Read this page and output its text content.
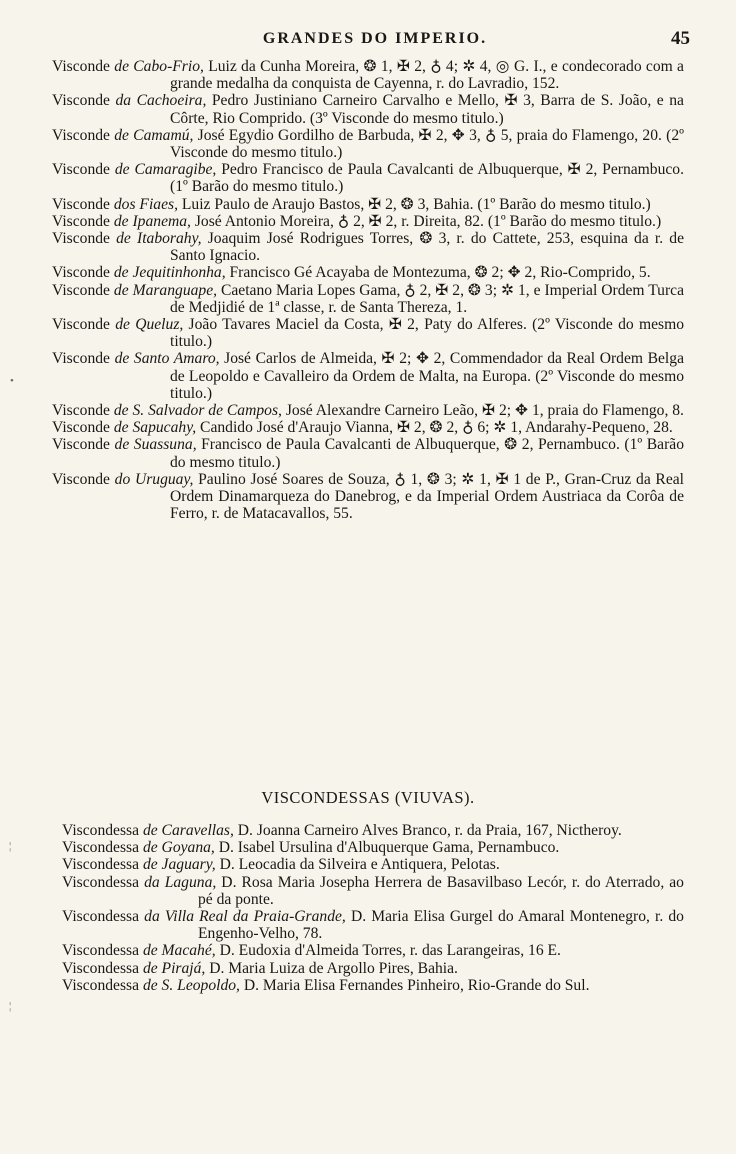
GRANDES DO IMPERIO.	45

Visconde de Cabo-Frio, Luiz da Cunha Moreira, ❂ 1, ✠ 2, ♁ 4; ✲ 4, ◎ G. I., e condecorado com a grande medalha da conquista de Cayenna, r. do Lavradio, 152.

Visconde da Cachoeira, Pedro Justiniano Carneiro Carvalho e Mello, ✠ 3, Barra de S. João, e na Côrte, Rio Comprido. (3º Visconde do mesmo titulo.)

Visconde de Camamú, José Egydio Gordilho de Barbuda, ✠ 2, ✥ 3, ♁ 5, praia do Flamengo, 20. (2º Visconde do mesmo titulo.)

Visconde de Camaragibe, Pedro Francisco de Paula Cavalcanti de Albuquerque, ✠ 2, Pernambuco. (1º Barão do mesmo titulo.)

Visconde dos Fiaes, Luiz Paulo de Araujo Bastos, ✠ 2, ❂ 3, Bahia. (1º Barão do mesmo titulo.)

Visconde de Ipanema, José Antonio Moreira, ♁ 2, ✠ 2, r. Direita, 82. (1º Barão do mesmo titulo.)

Visconde de Itaborahy, Joaquim José Rodrigues Torres, ❂ 3, r. do Cattete, 253, esquina da r. de Santo Ignacio.

Visconde de Jequitinhonha, Francisco Gé Acayaba de Montezuma, ❂ 2; ✥ 2, Rio-Comprido, 5.

Visconde de Maranguape, Caetano Maria Lopes Gama, ♁ 2, ✠ 2, ❂ 3; ✲ 1, e Imperial Ordem Turca de Medjidié de 1ª classe, r. de Santa Thereza, 1.

Visconde de Queluz, João Tavares Maciel da Costa, ✠ 2, Paty do Alferes. (2º Visconde do mesmo titulo.)

Visconde de Santo Amaro, José Carlos de Almeida, ✠ 2; ✥ 2, Commendador da Real Ordem Belga de Leopoldo e Cavalleiro da Ordem de Malta, na Europa. (2º Visconde do mesmo titulo.)

Visconde de S. Salvador de Campos, José Alexandre Carneiro Leão, ✠ 2; ✥ 1, praia do Flamengo, 8.

Visconde de Sapucahy, Candido José d'Araujo Vianna, ✠ 2, ❂ 2, ♁ 6; ✲ 1, Andarahy-Pequeno, 28.

Visconde de Suassuna, Francisco de Paula Cavalcanti de Albuquerque, ❂ 2, Pernambuco. (1º Barão do mesmo titulo.)

Visconde do Uruguay, Paulino José Soares de Souza, ♁ 1, ❂ 3; ✲ 1, ✠ 1 de P., Gran-Cruz da Real Ordem Dinamarqueza do Danebrog, e da Imperial Ordem Austriaca da Corôa de Ferro, r. de Matacavallos, 55.

VISCONDESSAS (VIUVAS).

Viscondessa de Caravellas, D. Joanna Carneiro Alves Branco, r. da Praia, 167, Nictheroy.

Viscondessa de Goyana, D. Isabel Ursulina d'Albuquerque Gama, Pernambuco.

Viscondessa de Jaguary, D. Leocadia da Silveira e Antiquera, Pelotas.

Viscondessa da Laguna, D. Rosa Maria Josepha Herrera de Basavilbaso Lecór, r. do Aterrado, ao pé da ponte.

Viscondessa da Villa Real da Praia-Grande, D. Maria Elisa Gurgel do Amaral Montenegro, r. do Engenho-Velho, 78.

Viscondessa de Macahé, D. Eudoxia d'Almeida Torres, r. das Larangeiras, 16 E.

Viscondessa de Pirajá, D. Maria Luiza de Argollo Pires, Bahia.

Viscondessa de S. Leopoldo, D. Maria Elisa Fernandes Pinheiro, Rio-Grande do Sul.

•
¦
¦
